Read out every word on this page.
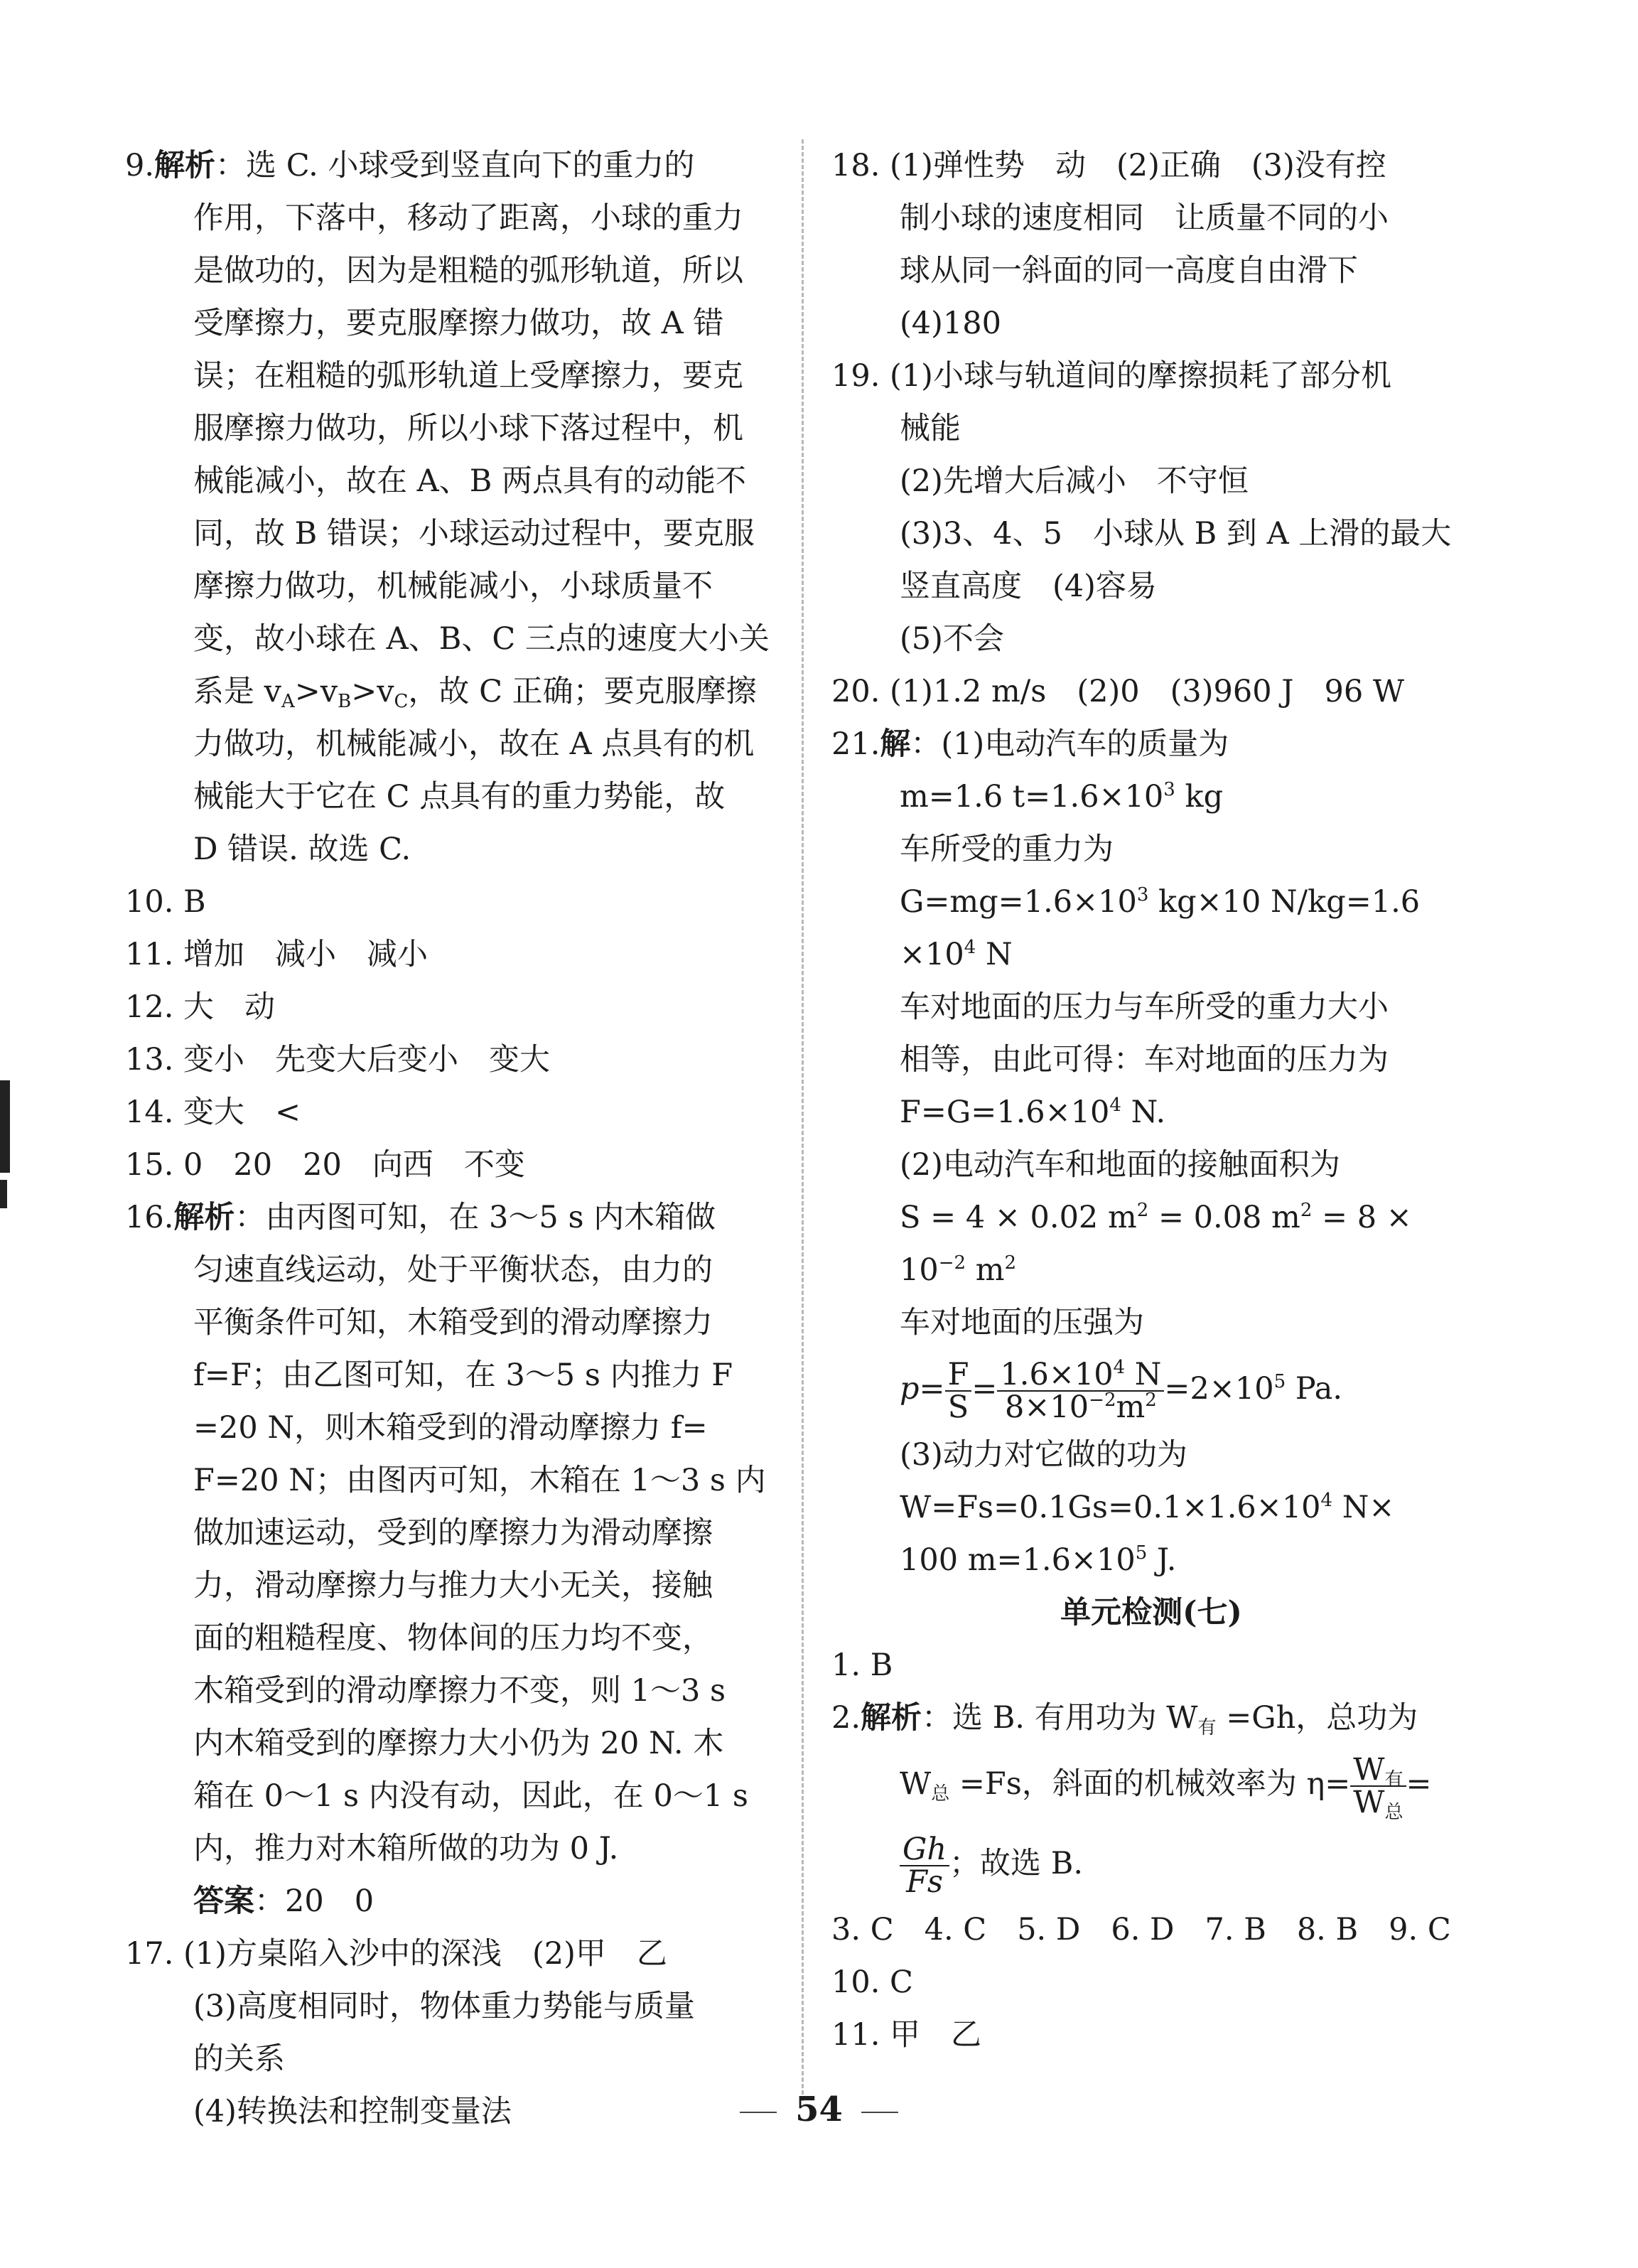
9.解析：选 C. 小球受到竖直向下的重力的
作用，下落中，移动了距离，小球的重力
是做功的，因为是粗糙的弧形轨道，所以
受摩擦力，要克服摩擦力做功，故 A 错
误；在粗糙的弧形轨道上受摩擦力，要克
服摩擦力做功，所以小球下落过程中，机
械能减小，故在 A、B 两点具有的动能不
同，故 B 错误；小球运动过程中，要克服
摩擦力做功，机械能减小，小球质量不
变，故小球在 A、B、C 三点的速度大小关
系是 $v_A>v_B>v_C$，故 C 正确；要克服摩擦
力做功，机械能减小，故在 A 点具有的机
械能大于它在 C 点具有的重力势能，故
D 错误. 故选 C.
10. B
11. 增加　减小　减小
12. 大　动
13. 变小　先变大后变小　变大
14. 变大　<
15. 0　20　20　向西　不变
16.解析：由丙图可知，在 3～5 s 内木箱做
匀速直线运动，处于平衡状态，由力的
平衡条件可知，木箱受到的滑动摩擦力
f=F；由乙图可知，在 3～5 s 内推力 F
=20 N，则木箱受到的滑动摩擦力 f=
F=20 N；由图丙可知，木箱在 1～3 s 内
做加速运动，受到的摩擦力为滑动摩擦
力，滑动摩擦力与推力大小无关，接触
面的粗糙程度、物体间的压力均不变，
木箱受到的滑动摩擦力不变，则 1～3 s
内木箱受到的摩擦力大小仍为 20 N. 木
箱在 0～1 s 内没有动，因此，在 0～1 s
内，推力对木箱所做的功为 0 J.
答案：20　0
17. (1)方桌陷入沙中的深浅　(2)甲　乙
(3)高度相同时，物体重力势能与质量
的关系
(4)转换法和控制变量法
18. (1)弹性势　动　(2)正确　(3)没有控
制小球的速度相同　让质量不同的小
球从同一斜面的同一高度自由滑下
(4)180
19. (1)小球与轨道间的摩擦损耗了部分机
械能
(2)先增大后减小　不守恒
(3)3、4、5　小球从 B 到 A 上滑的最大
竖直高度　(4)容易
(5)不会
20. (1)1.2 m/s　(2)0　(3)960 J　96 W
21.解：(1)电动汽车的质量为
m=1.6 $t=1.6\times 10^3$ kg
车所受的重力为
$G=mg=1.6\times 10^3$ kg×10 N/kg=1.6
$\times 10^4$ N
车对地面的压力与车所受的重力大小
相等，由此可得：车对地面的压力为
$F=G=1.6\times 10^4$ N.
(2)电动汽车和地面的接触面积为
S = 4 × 0.02 $m^2 = 0.08$ $m^2 = 8$ ×
$10^{-2}$ $m^2$
车对地面的压强为
$p= \frac{F}{S} = \frac{1.6\times 10^4 N}{8\times 10^{-2}m^2} =2\times 10^5$ Pa.
(3)动力对它做的功为
$W=Fs=0.1Gs=0.1\times 1.6\times 10^4$ N×
100 $m=1.6\times 10^5$ J.
单元检测(七)
1. B
2.解析：选 B. 有用功为 $W_有 =Gh$，总功为
$W_总 =Fs$，斜面的机械效率为 $\eta= \frac{W_有}{W_总}$ =
$\frac{Gh}{Fs}$ ；故选 B.
3. C　4. C　5. D　6. D　7. B　8. B　9. C
10. C
11. 甲　乙
54
